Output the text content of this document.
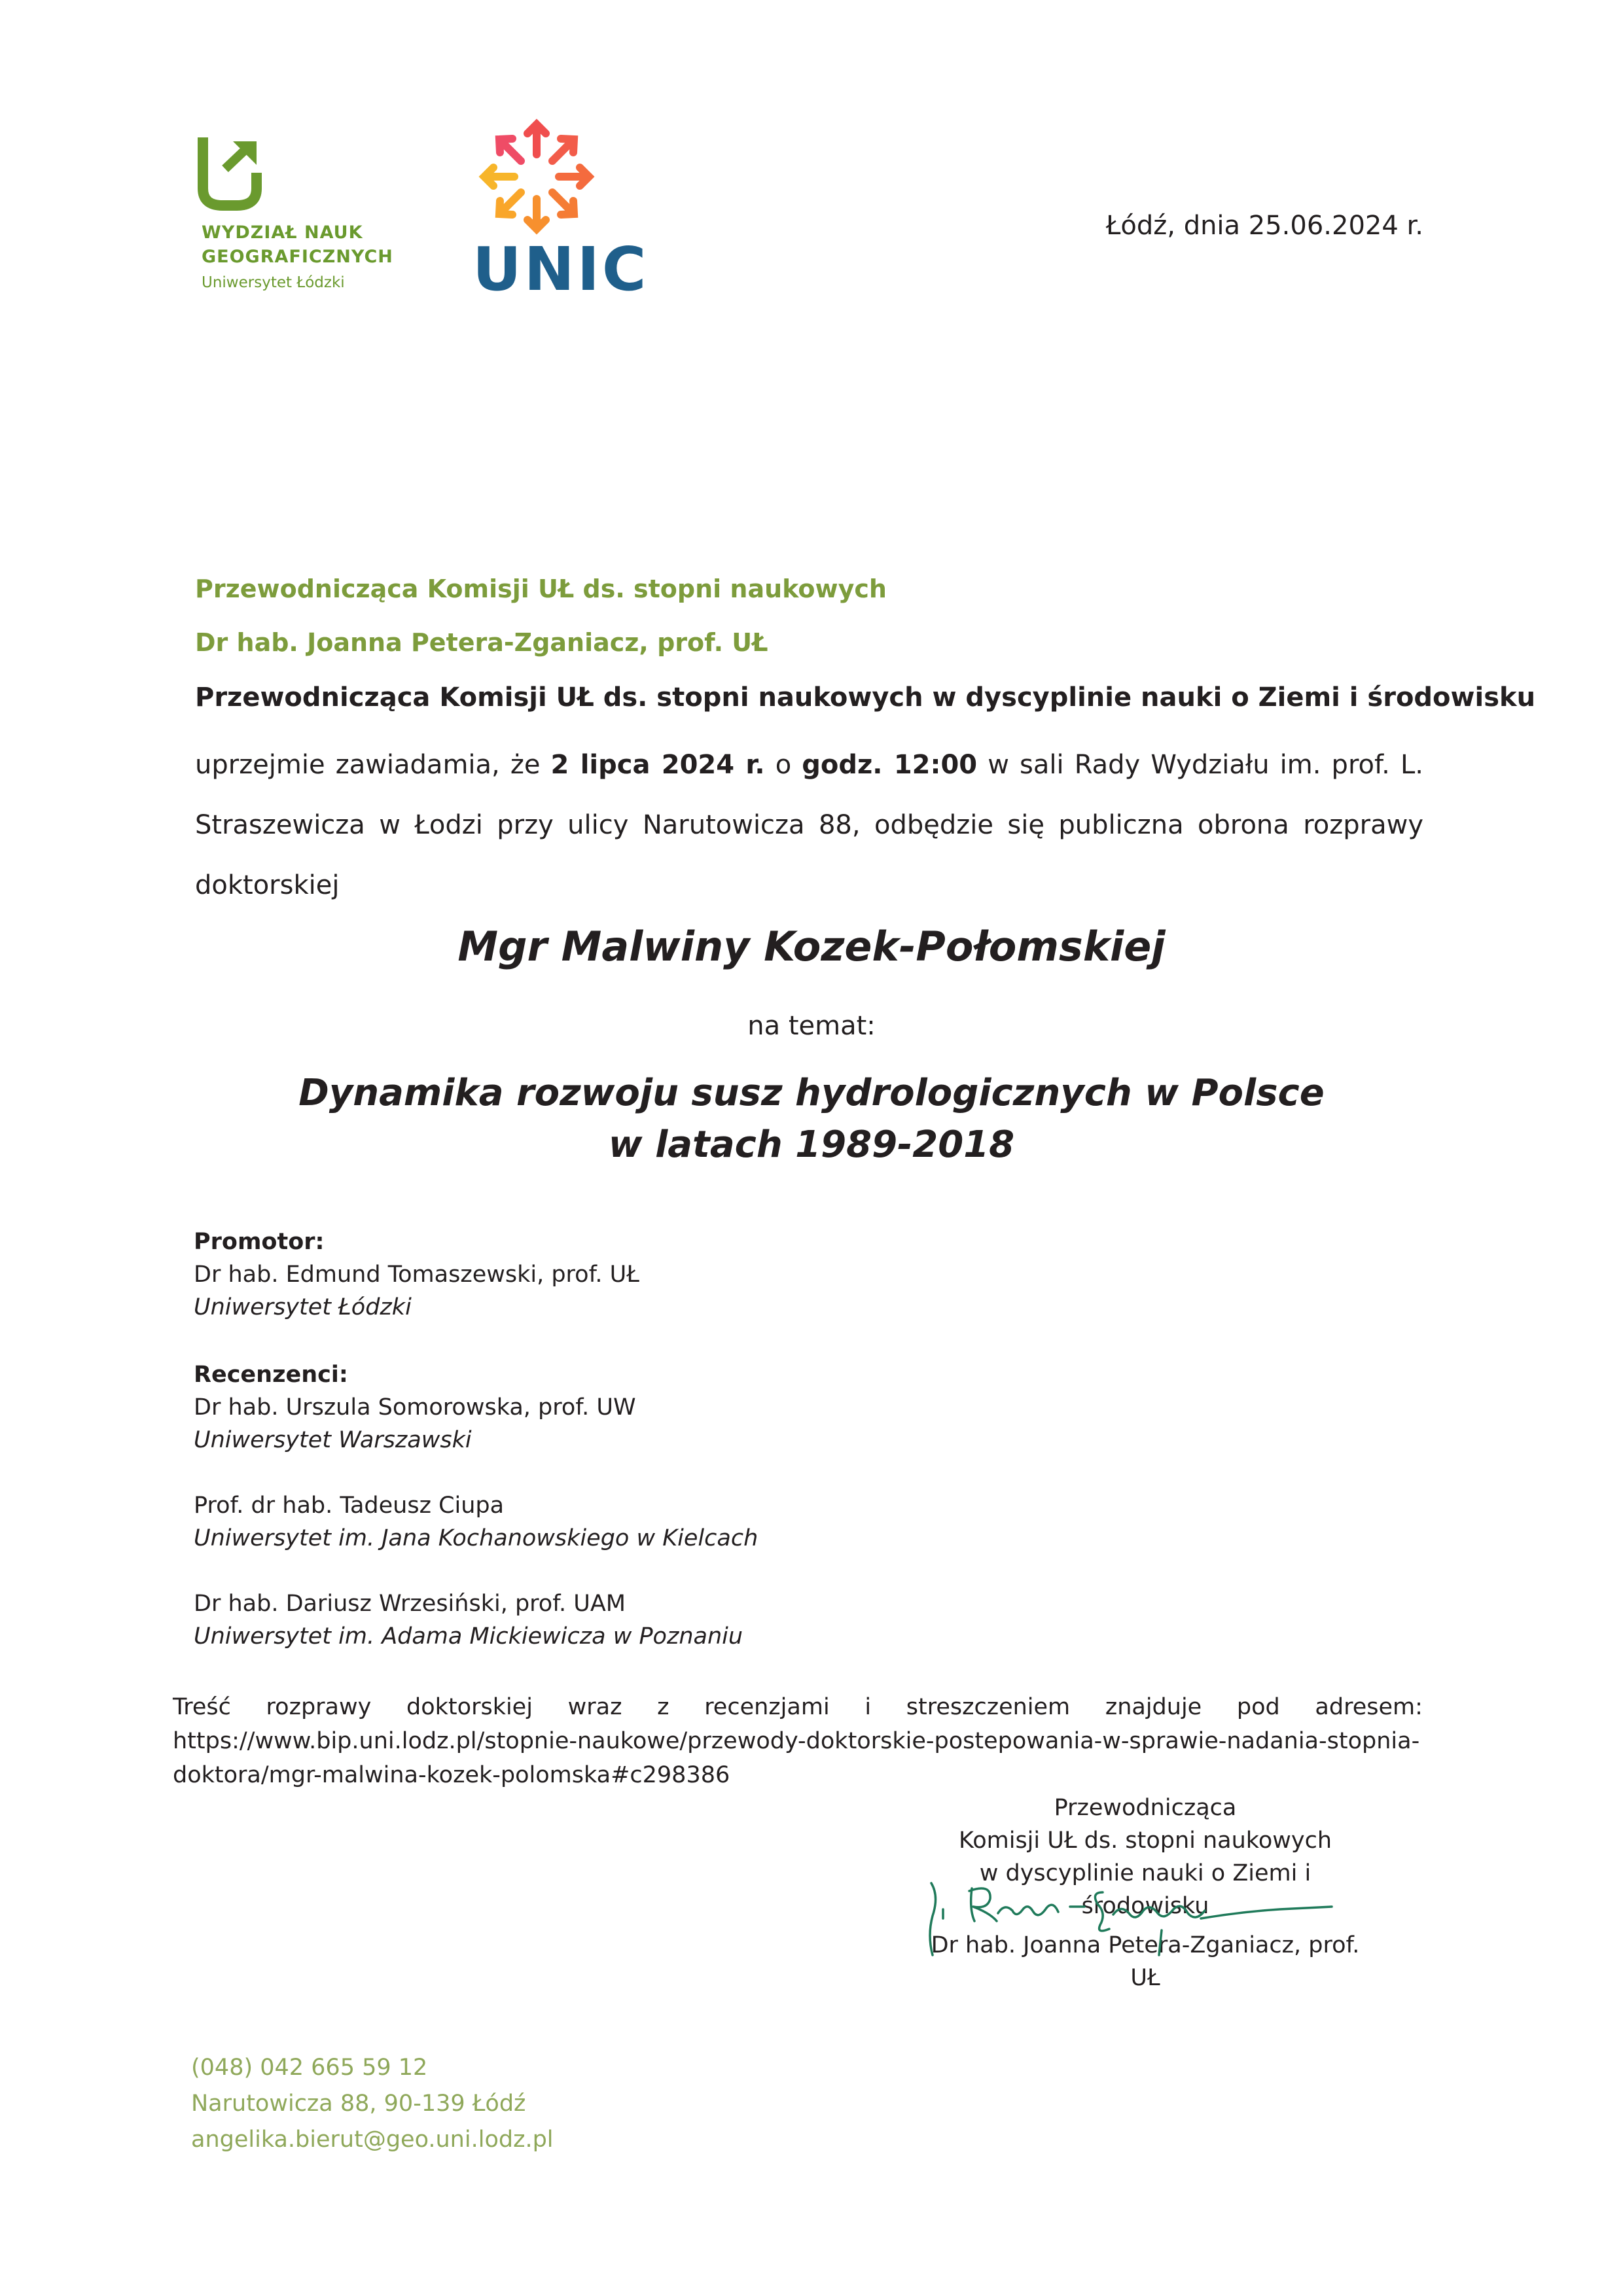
WYDZIAŁ NAUK
GEOGRAFICZNYCH
Uniwersytet Łódzki UNIC
Łódź, dnia 25.06.2024 r.
Przewodnicząca Komisji UŁ ds. stopni naukowych
Dr hab. Joanna Petera-Zganiacz, prof. UŁ
Przewodnicząca Komisji UŁ ds. stopni naukowych w dyscyplinie nauki o Ziemi i środowisku
uprzejmie zawiadamia, że 2 lipca 2024 r. o godz. 12:00 w sali Rady Wydziału im. prof. L. Straszewicza w Łodzi przy ulicy Narutowicza 88, odbędzie się publiczna obrona rozprawy doktorskiej
Mgr Malwiny Kozek-Połomskiej
na temat:
Dynamika rozwoju susz hydrologicznych w Polsce
w latach 1989-2018
Promotor:
Dr hab. Edmund Tomaszewski, prof. UŁ
Uniwersytet Łódzki
Recenzenci:
Dr hab. Urszula Somorowska, prof. UW
Uniwersytet Warszawski
Prof. dr hab. Tadeusz Ciupa
Uniwersytet im. Jana Kochanowskiego w Kielcach
Dr hab. Dariusz Wrzesiński, prof. UAM
Uniwersytet im. Adama Mickiewicza w Poznaniu
Treść rozprawy doktorskiej wraz z recenzjami i streszczeniem znajduje pod adresem:
https://www.bip.uni.lodz.pl/stopnie-naukowe/przewody-doktorskie-postepowania-w-sprawie-nadania-stopnia-
doktora/mgr-malwina-kozek-polomska#c298386
Przewodnicząca
Komisji UŁ ds. stopni naukowych
w dyscyplinie nauki o Ziemi i środowisku
Dr hab. Joanna Petera-Zganiacz, prof. UŁ
(048) 042 665 59 12
Narutowicza 88, 90-139 Łódź
angelika.bierut@geo.uni.lodz.pl
